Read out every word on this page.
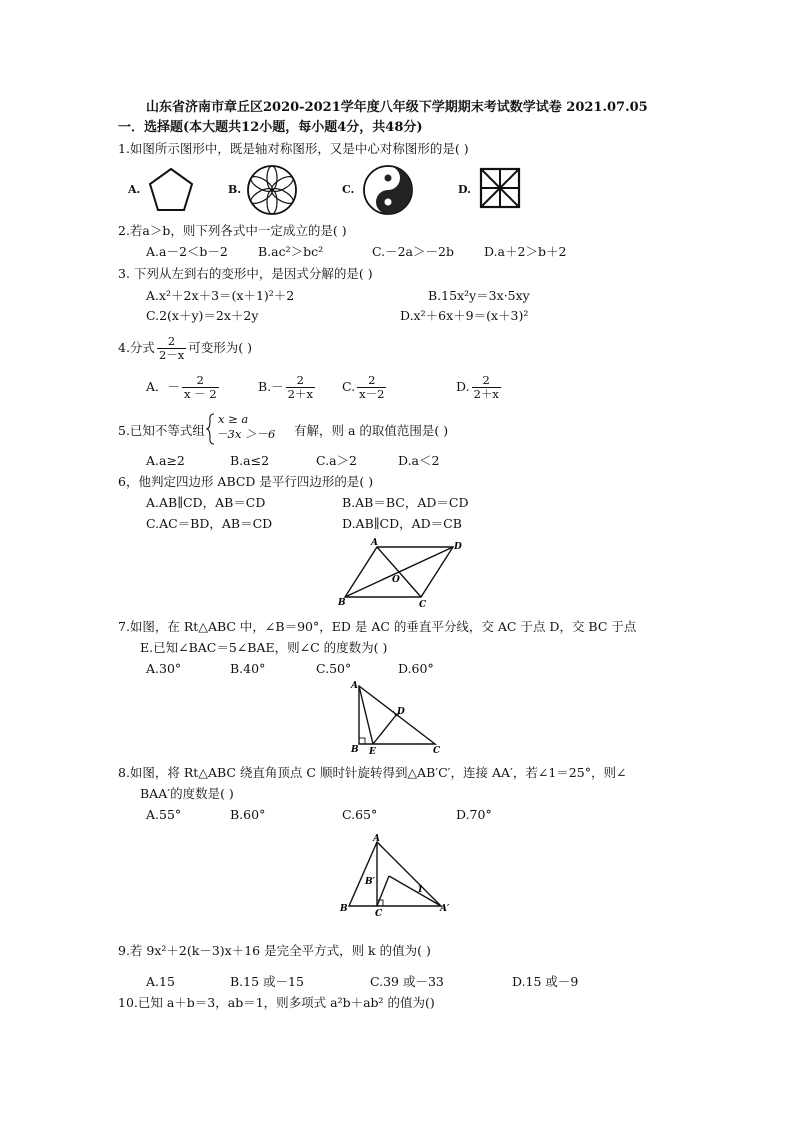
山东省济南市章丘区2020-2021学年度八年级下学期期末考试数学试卷 2021.07.05
一．选择题(本大题共12小题，每小题4分，共48分)
1.如图所示图形中，既是轴对称图形，又是中心对称图形的是( )
A.	B.	C.	D.
2.若a＞b，则下列各式中一定成立的是( )
A.a－2＜b－2 B.ac²＞bc²	C.－2a＞－2b D.a＋2＞b＋2
3. 下列从左到右的变形中，是因式分解的是( )
A.x²＋2x＋3＝(x＋1)²＋2	B.15x²y＝3x·5xy
C.2(x＋y)＝2x＋2y	D.x²＋6x＋9＝(x＋3)²
4.分式 $\frac{2}{2-x}$ 可变形为( )
A．－ $\frac{2}{x - 2}$	$B.- \frac{2}{2+x} C$. $\frac{2}{x-2}$	D. $\frac{2}{2+x}$
5.已知不等式组
x ≥ a
－3x ＞－6 有解，则 a 的取值范围是( )
A.a≥2	B.a≤2	C.a＞2	D.a＜2
6，他判定四边形 ABCD 是平行四边形的是( )
A.AB∥CD，AB＝CD	B.AB＝BC，AD＝CD
C.AC＝BD，AB＝CD	D.AB∥CD，AD＝CB
A	D
O
B	C
7.如图，在 Rt△ABC 中，∠B＝90°，ED 是 AC 的垂直平分线，交 AC 于点 D，交 BC 于点
E.已知∠BAC＝5∠BAE，则∠C 的度数为( )
A.30°	B.40°	C.50°	D.60°
A
D
B E	C
8.如图，将 Rt△ABC 绕直角顶点 C 顺时针旋转得到△AB′C′，连接 AA′，若∠1＝25°，则∠
BAA′的度数是( )
A.55°	B.60°	C.65°	D.70°
A
B′
1
B	C	A′
9.若 9x²＋2(k－3)x＋16 是完全平方式，则 k 的值为( )
A.15	B.15 或－15	C.39 或－33	D.15 或－9
10.已知 a＋b＝3，ab＝1，则多项式 a²b＋ab² 的值为()
